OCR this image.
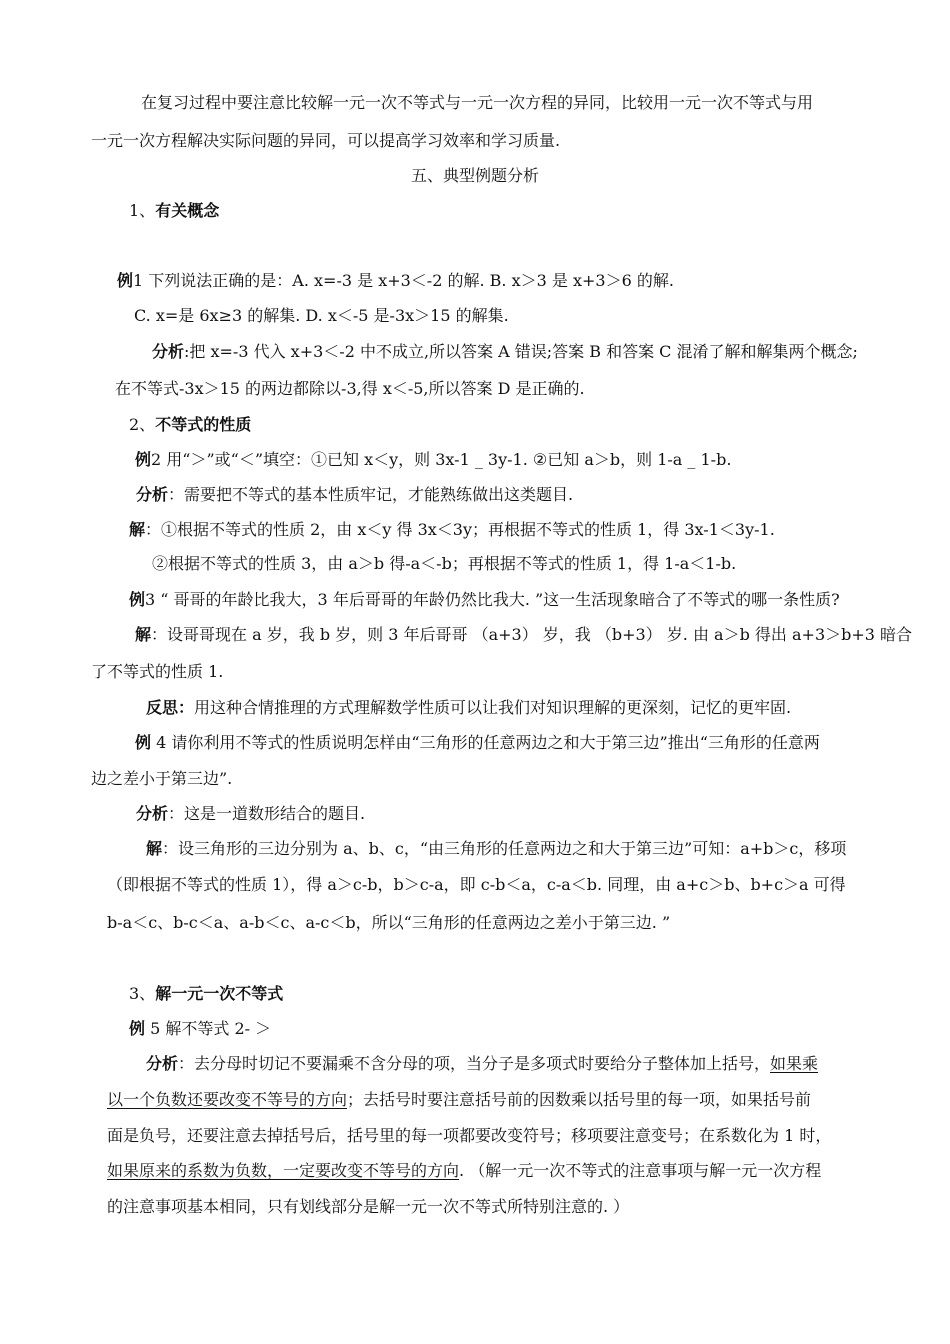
在复习过程中要注意比较解一元一次不等式与一元一次方程的异同，比较用一元一次不等式与用
一元一次方程解决实际问题的异同，可以提高学习效率和学习质量.
五、典型例题分析
1、有关概念
例1 下列说法正确的是：A. x=-3 是 x+3＜-2 的解. B. x＞3 是 x+3＞6 的解.
C. x=是 6x≥3 的解集. D. x＜-5 是-3x＞15 的解集.
分析:把 x=-3 代入 x+3＜-2 中不成立,所以答案 A 错误;答案 B 和答案 C 混淆了解和解集两个概念;
在不等式-3x＞15 的两边都除以-3,得 x＜-5,所以答案 D 是正确的.
2、不等式的性质
例2 用“＞”或“＜”填空：①已知 x＜y，则 3x-1 _ 3y-1. ②已知 a＞b，则 1-a _ 1-b.
分析：需要把不等式的基本性质牢记，才能熟练做出这类题目.
解：①根据不等式的性质 2，由 x＜y 得 3x＜3y；再根据不等式的性质 1，得 3x-1＜3y-1.
②根据不等式的性质 3，由 a＞b 得-a＜-b；再根据不等式的性质 1，得 1-a＜1-b.
例3 “ 哥哥的年龄比我大，3 年后哥哥的年龄仍然比我大. ”这一生活现象暗合了不等式的哪一条性质?
解：设哥哥现在 a 岁，我 b 岁，则 3 年后哥哥 （a+3） 岁，我 （b+3） 岁. 由 a＞b 得出 a+3＞b+3 暗合
了不等式的性质 1.
反思：用这种合情推理的方式理解数学性质可以让我们对知识理解的更深刻，记忆的更牢固.
例 4 请你利用不等式的性质说明怎样由“三角形的任意两边之和大于第三边”推出“三角形的任意两
边之差小于第三边”.
分析：这是一道数形结合的题目.
解：设三角形的三边分别为 a、b、c，“由三角形的任意两边之和大于第三边”可知：a+b＞c，移项
（即根据不等式的性质 1），得 a＞c-b，b＞c-a，即 c-b＜a，c-a＜b. 同理，由 a+c＞b、b+c＞a 可得
b-a＜c、b-c＜a、a-b＜c、a-c＜b，所以“三角形的任意两边之差小于第三边. ”
3、解一元一次不等式
例 5 解不等式 2- ＞
分析：去分母时切记不要漏乘不含分母的项，当分子是多项式时要给分子整体加上括号，如果乘
以一个负数还要改变不等号的方向；去括号时要注意括号前的因数乘以括号里的每一项，如果括号前
面是负号，还要注意去掉括号后，括号里的每一项都要改变符号；移项要注意变号；在系数化为 1 时，
如果原来的系数为负数，一定要改变不等号的方向. （解一元一次不等式的注意事项与解一元一次方程
的注意事项基本相同，只有划线部分是解一元一次不等式所特别注意的. ）
